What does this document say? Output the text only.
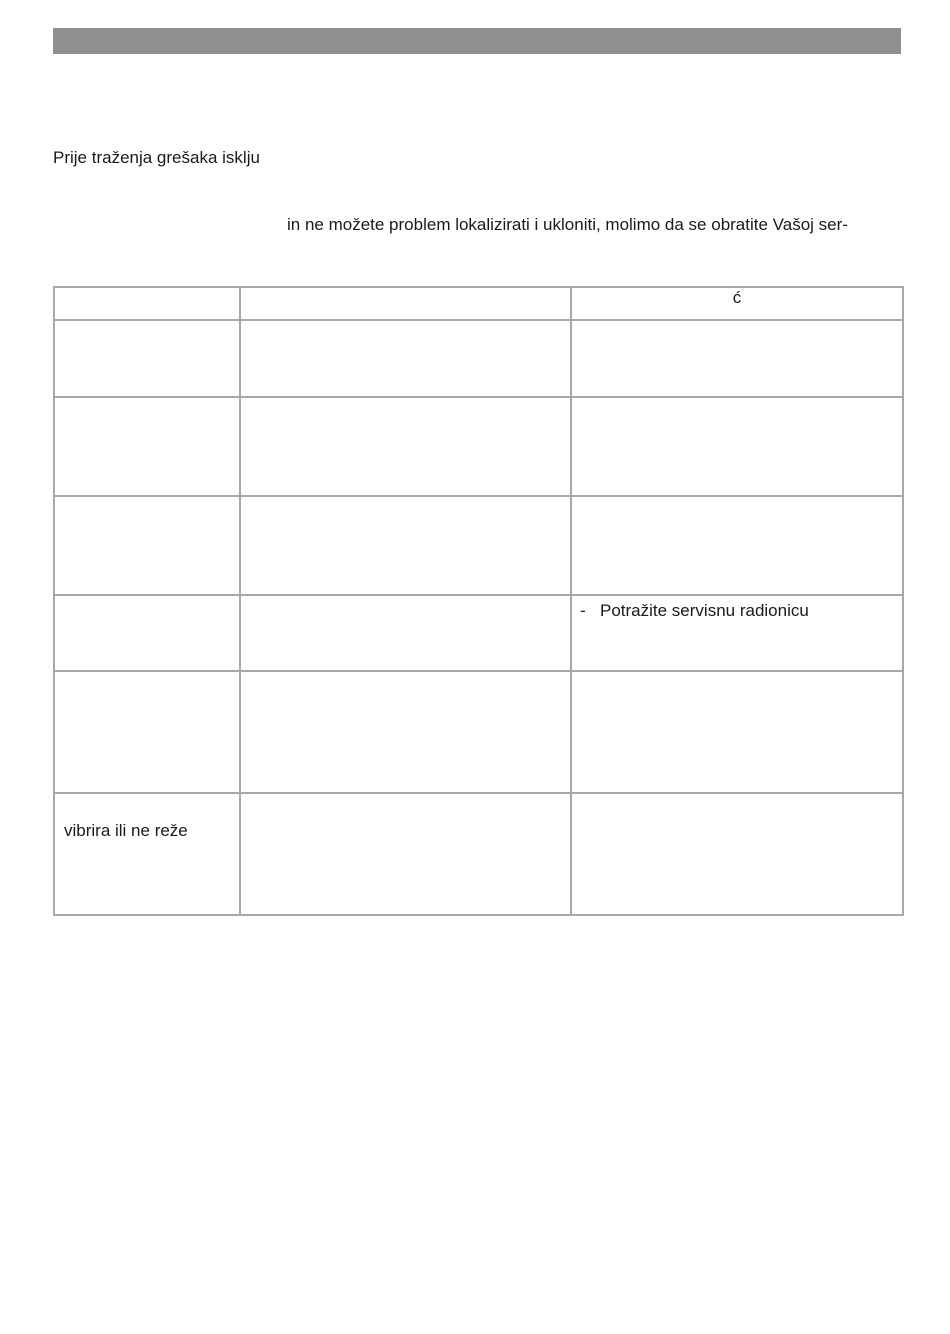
Prije traženja grešaka isklju
in ne možete problem lokalizirati i ukloniti, molimo da se obratite Vašoj ser-
		ć

		- Potražite servisnu radionicu

vibrira ili ne reže		
